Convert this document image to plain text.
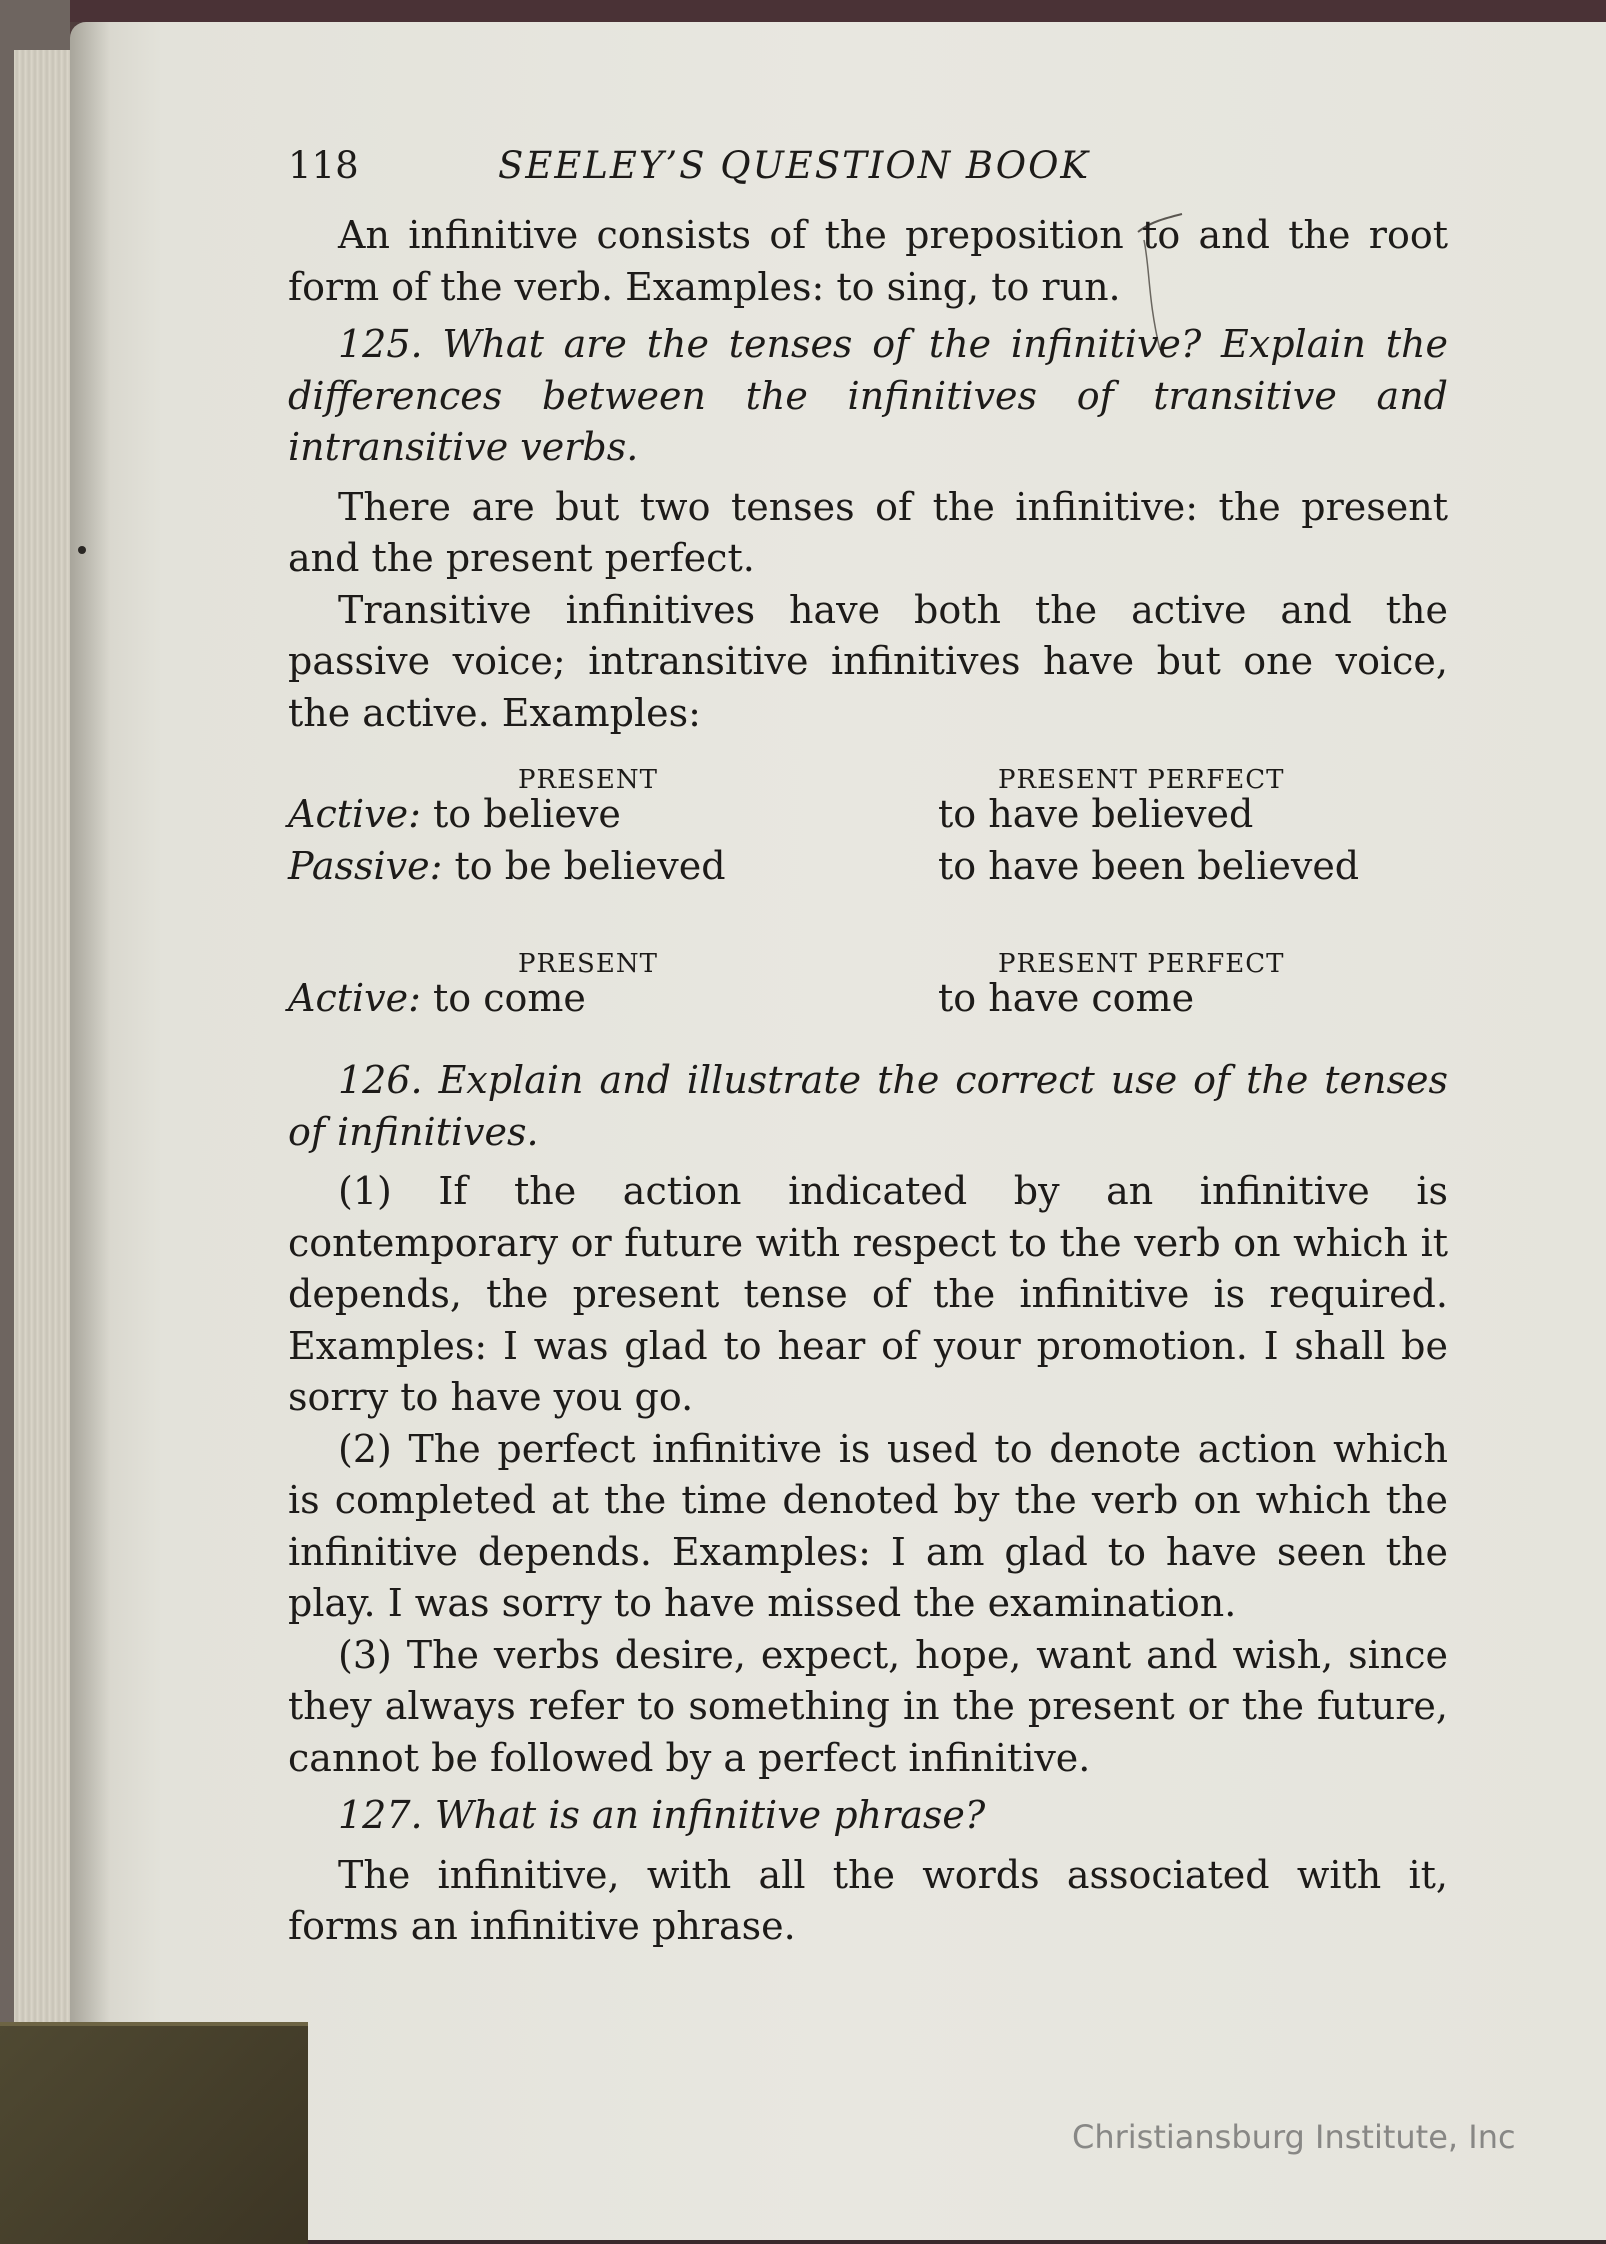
118	SEELEY’S QUESTION BOOK

An infinitive consists of the preposition to and the root form of the verb. Examples: to sing, to run.

125. What are the tenses of the infinitive? Explain the differences between the infinitives of transitive and intransitive verbs.

There are but two tenses of the infinitive: the present and the present perfect.

Transitive infinitives have both the active and the passive voice; intransitive infinitives have but one voice, the active. Examples:

PRESENT	PRESENT PERFECT
Active: to believe	to have believed
Passive: to be believed	to have been believed
PRESENT	PRESENT PERFECT
Active: to come	to have come

126. Explain and illustrate the correct use of the tenses of infinitives.

(1) If the action indicated by an infinitive is contemporary or future with respect to the verb on which it depends, the present tense of the infinitive is required. Examples: I was glad to hear of your promotion. I shall be sorry to have you go.

(2) The perfect infinitive is used to denote action which is completed at the time denoted by the verb on which the infinitive depends. Examples: I am glad to have seen the play. I was sorry to have missed the examination.

(3) The verbs desire, expect, hope, want and wish, since they always refer to something in the present or the future, cannot be followed by a perfect infinitive.

127. What is an infinitive phrase?

The infinitive, with all the words associated with it, forms an infinitive phrase.

Christiansburg Institute, Inc
